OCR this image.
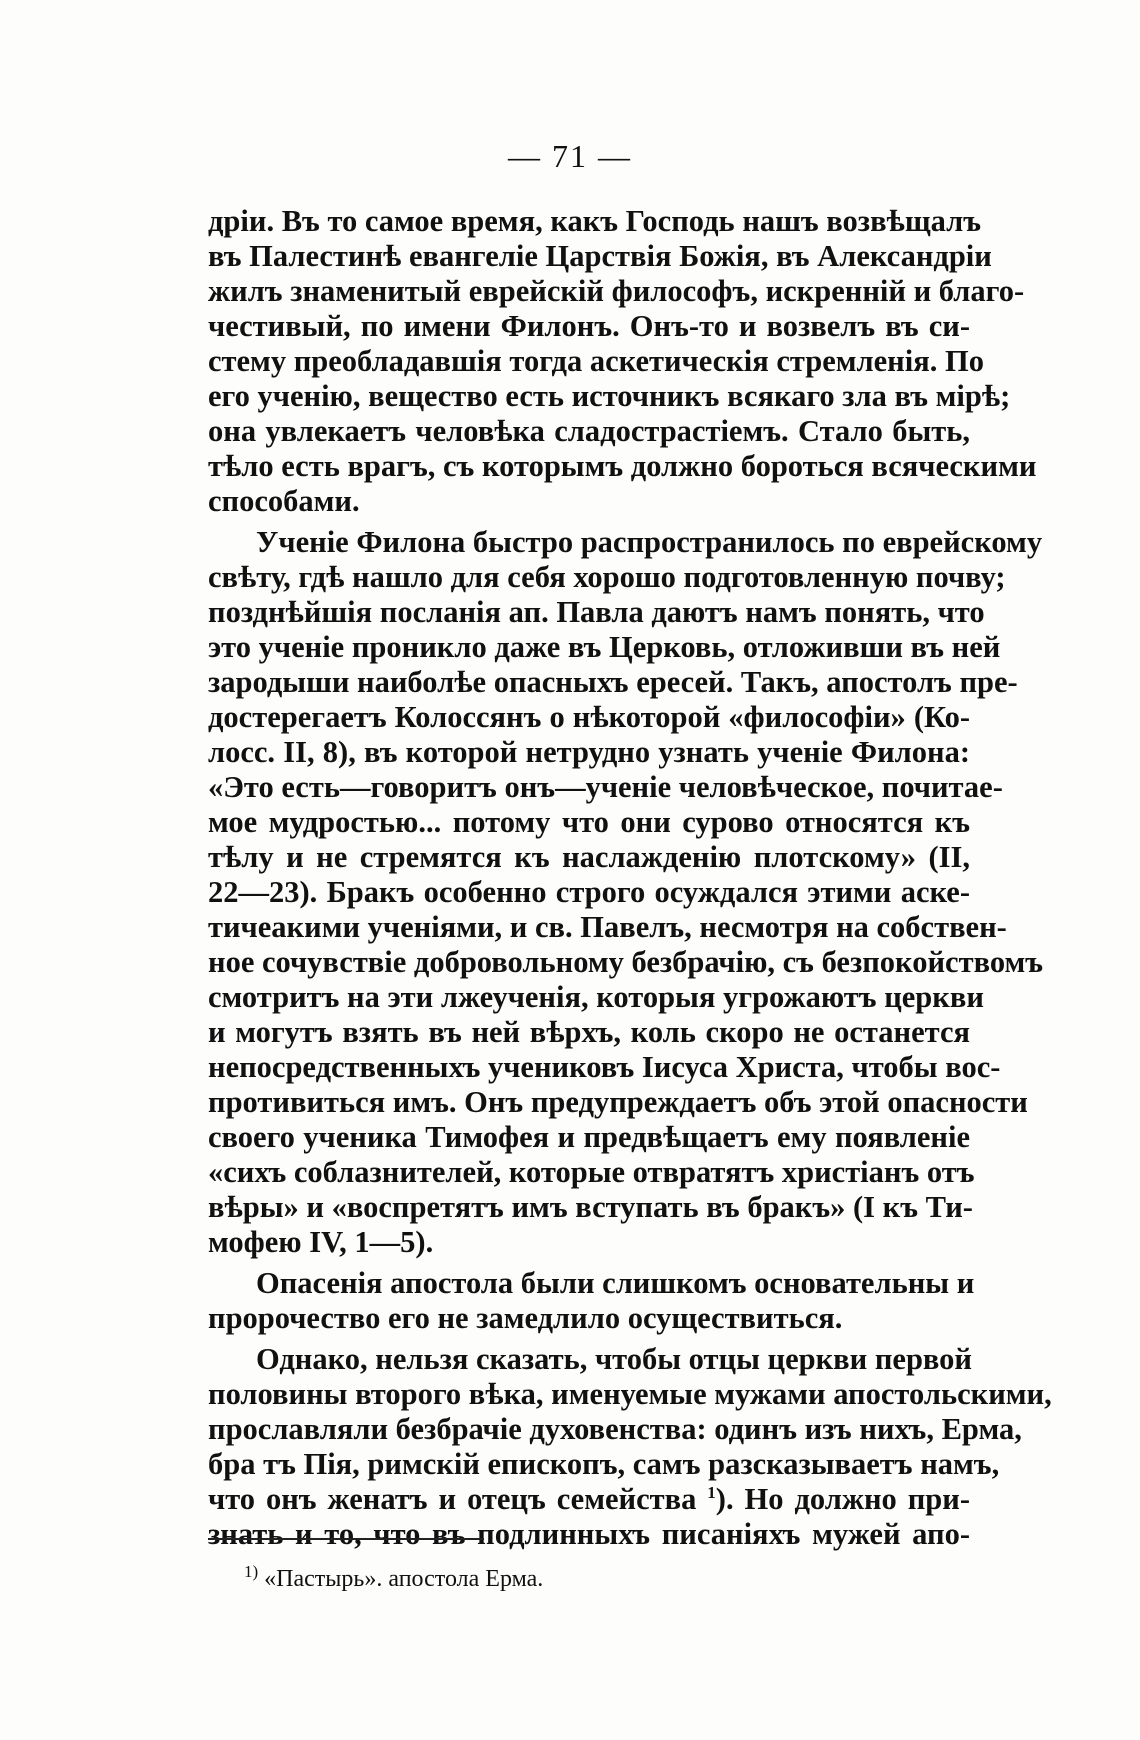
— 71 —
дріи. Въ то самое время, какъ Господь нашъ возвѣщалъ
въ Палестинѣ евангеліе Царствія Божія, въ Александріи
жилъ знаменитый еврейскій философъ, искренній и благо-
честивый, по имени Филонъ. Онъ-то и возвелъ въ си-
стему преобладавшія тогда аскетическія стремленія. По
его ученію, вещество есть источникъ всякаго зла въ мірѣ;
она увлекаетъ человѣка сладострастіемъ. Стало быть,
тѣло есть врагъ, съ которымъ должно бороться всяческими
способами.
Ученіе Филона быстро распространилось по еврейскому
свѣту, гдѣ нашло для себя хорошо подготовленную почву;
позднѣйшія посланія ап. Павла даютъ намъ понять, что
это ученіе проникло даже въ Церковь, отложивши въ ней
зародыши наиболѣе опасныхъ ересей. Такъ, апостолъ пре-
достерегаетъ Колоссянъ о нѣкоторой «философіи» (Ко-
лосс. II, 8), въ которой нетрудно узнать ученіе Филона:
«Это есть—говоритъ онъ—ученіе человѣческое, почитае-
мое мудростью... потому что они сурово относятся къ
тѣлу и не стремятся къ наслажденію плотскому» (II,
22—23). Бракъ особенно строго осуждался этими аске-
тичеакими ученіями, и св. Павелъ, несмотря на собствен-
ное сочувствіе добровольному безбрачію, съ безпокойствомъ
смотритъ на эти лжеученія, которыя угрожаютъ церкви
и могутъ взять въ ней вѣрхъ, коль скоро не останется
непосредственныхъ учениковъ Іисуса Христа, чтобы вос-
противиться имъ. Онъ предупреждаетъ объ этой опасности
своего ученика Тимофея и предвѣщаетъ ему появленіе
«сихъ соблазнителей, которые отвратятъ христіанъ отъ
вѣры» и «воспретятъ имъ вступать въ бракъ» (I къ Ти-
мофею IV, 1—5).
Опасенія апостола были слишкомъ основательны и
пророчество его не замедлило осуществиться.
Однако, нельзя сказать, чтобы отцы церкви первой
половины второго вѣка, именуемые мужами апостольскими,
прославляли безбрачіе духовенства: одинъ изъ нихъ, Ерма,
бра тъ Пія, римскій епископъ, самъ разсказываетъ намъ,
что онъ женатъ и отецъ семейства $^1$). Но должно при-
знать и то, что въ подлинныхъ писаніяхъ мужей апо-
$^{1)}$ «Пастырь». апостола Ерма.
